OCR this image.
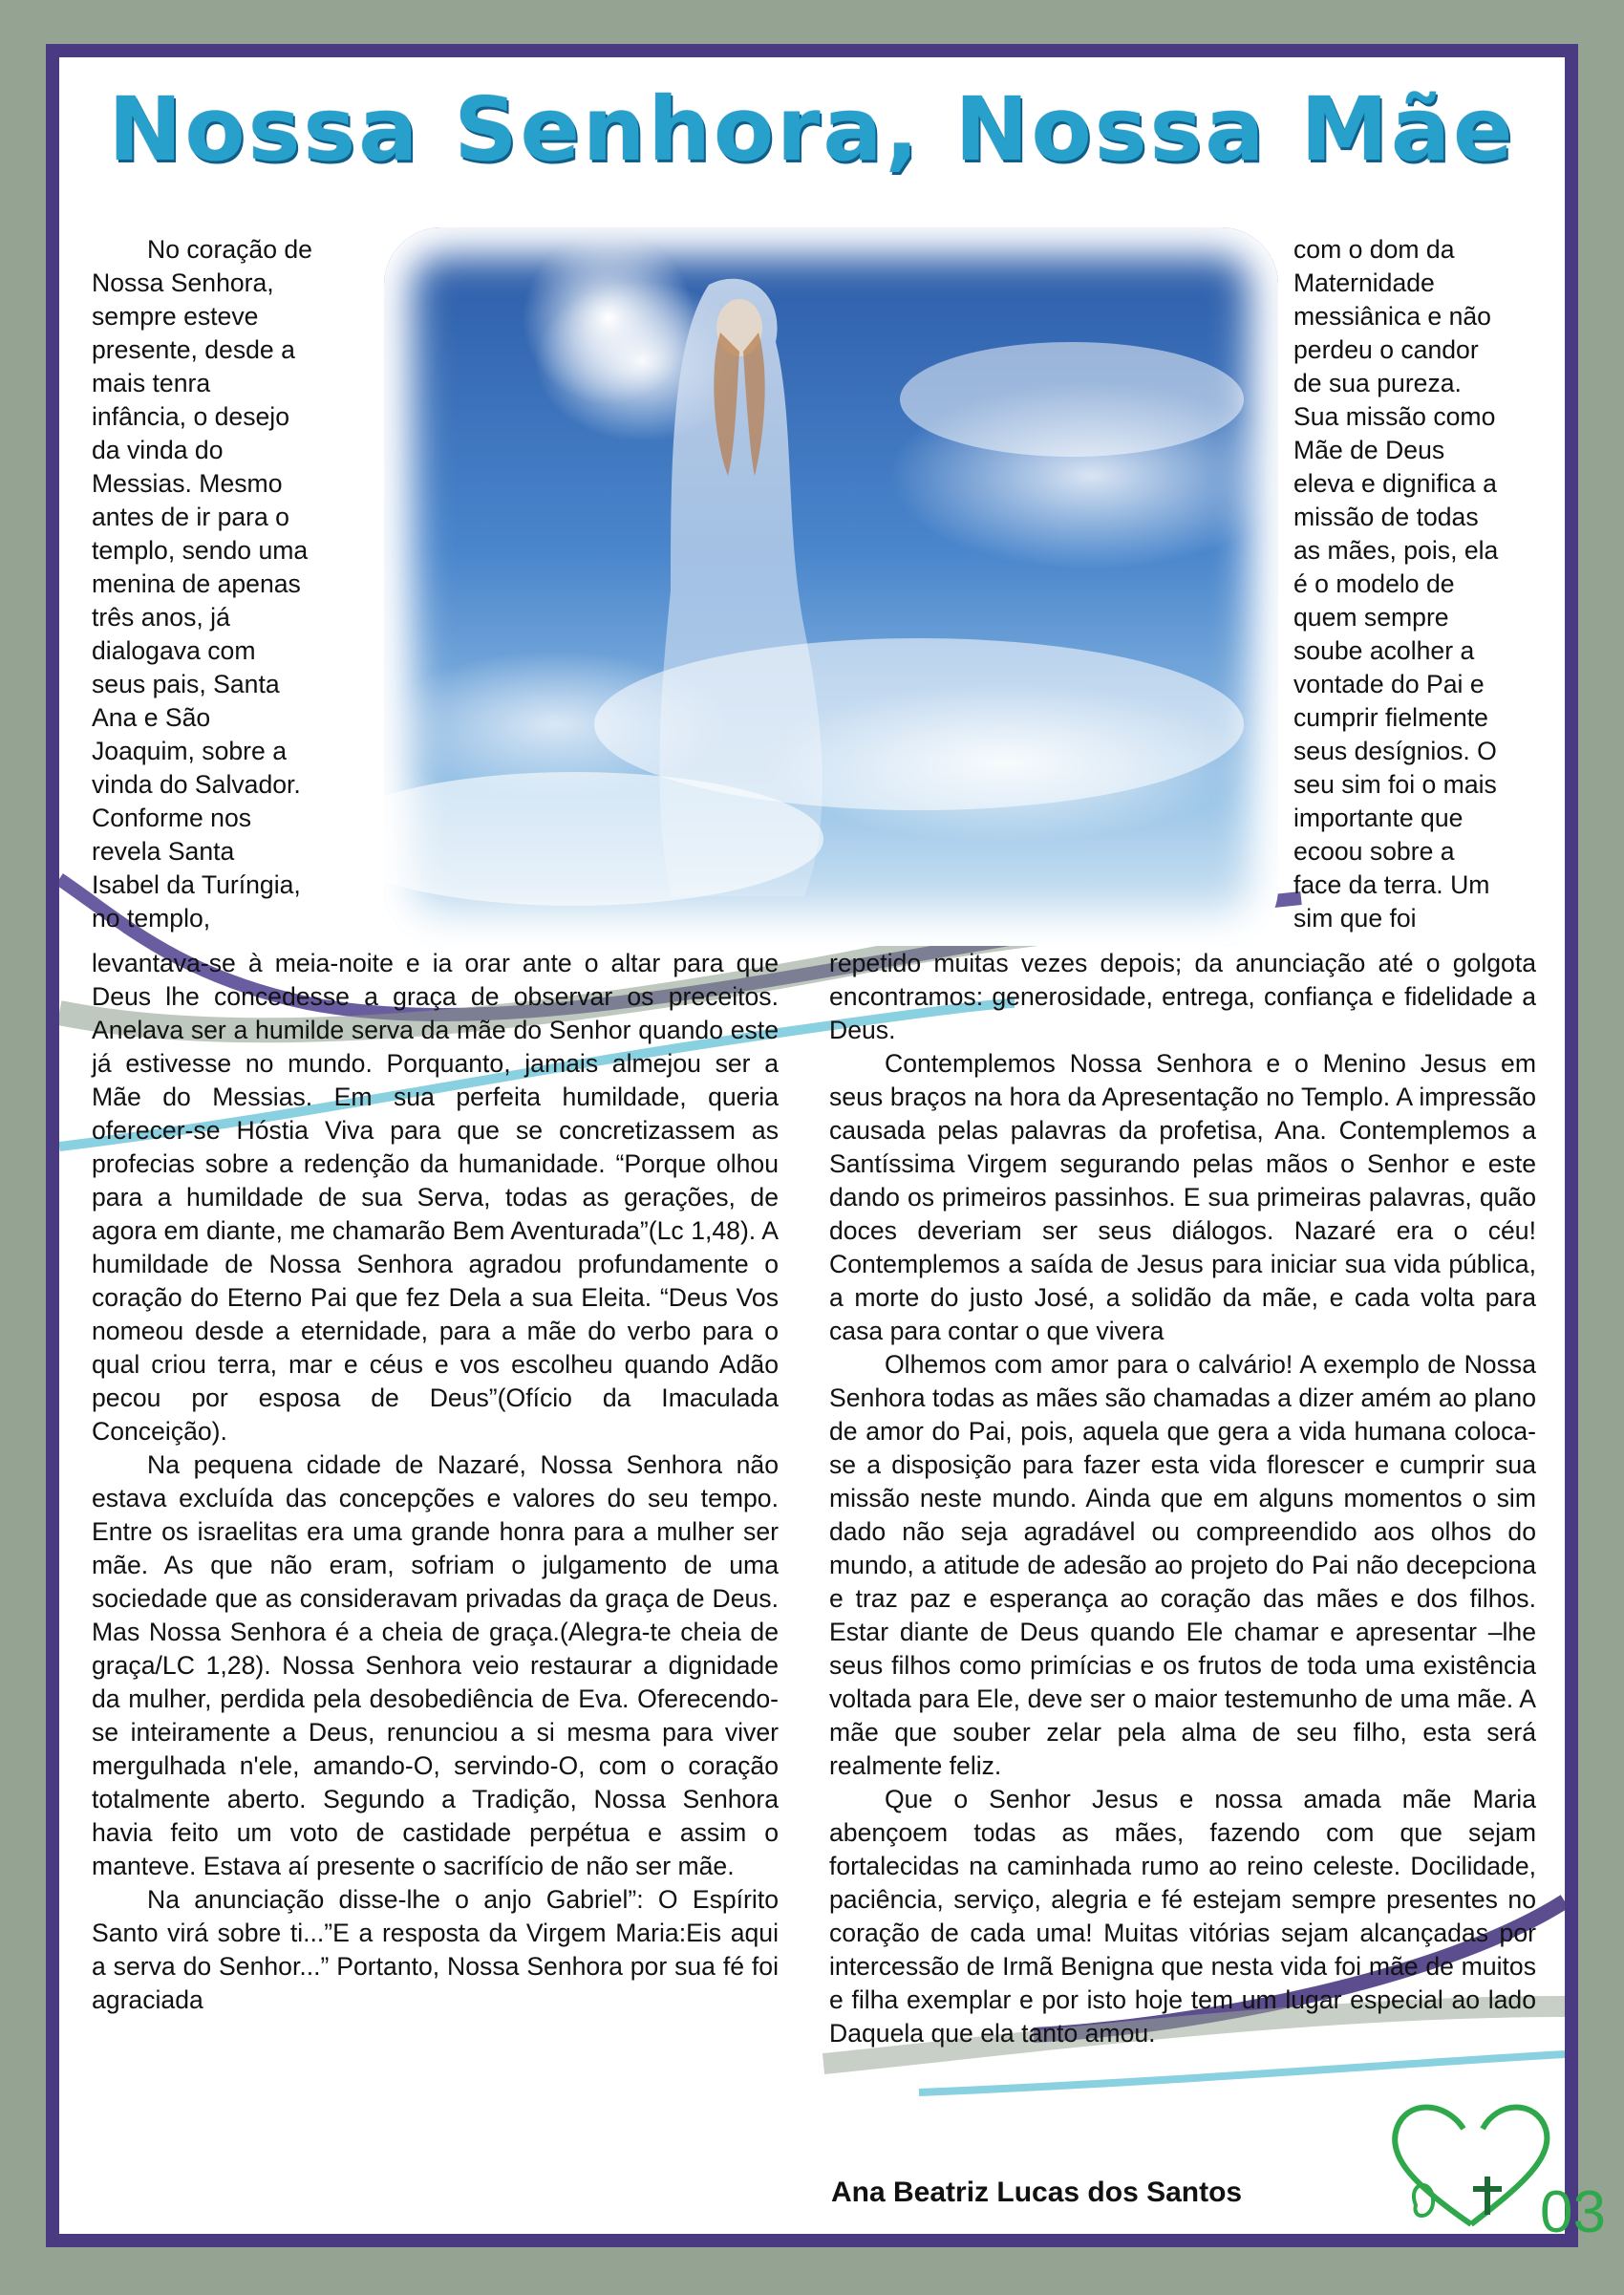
Nossa Senhora, Nossa Mãe

No coração de

Nossa Senhora,

sempre esteve

presente, desde a

mais tenra

infância, o desejo

da vinda do

Messias. Mesmo

antes de ir para o

templo, sendo uma

menina de apenas

três anos, já

dialogava com

seus pais, Santa

Ana e São

Joaquim, sobre a

vinda do Salvador.

Conforme nos

revela Santa

Isabel da Turíngia,

no templo,

com o dom da

Maternidade

messiânica e não

perdeu o candor

de sua pureza.

Sua missão como

Mãe de Deus

eleva e dignifica a

missão de todas

as mães, pois, ela

é o modelo de

quem sempre

soube acolher a

vontade do Pai e

cumprir fielmente

seus desígnios. O

seu sim foi o mais

importante que

ecoou sobre a

face da terra. Um

sim que foi

levantava-se à meia-noite e ia orar ante o altar para que Deus lhe concedesse a graça de observar os preceitos. Anelava ser a humilde serva da mãe do Senhor quando este já estivesse no mundo. Porquanto, jamais almejou ser a Mãe do Messias. Em sua perfeita humildade, queria oferecer-se Hóstia Viva para que se concretizassem as profecias sobre a redenção da humanidade. “Porque olhou para a humildade de sua Serva, todas as gerações, de agora em diante, me chamarão Bem Aventurada”(Lc 1,48). A humildade de Nossa Senhora agradou profundamente o coração do Eterno Pai que fez Dela a sua Eleita. “Deus Vos nomeou desde a eternidade, para a mãe do verbo para o qual criou terra, mar e céus e vos escolheu quando Adão pecou por esposa de Deus”(Ofício da Imaculada Conceição).

Na pequena cidade de Nazaré, Nossa Senhora não estava excluída das concepções e valores do seu tempo. Entre os israelitas era uma grande honra para a mulher ser mãe. As que não eram, sofriam o julgamento de uma sociedade que as consideravam privadas da graça de Deus. Mas Nossa Senhora é a cheia de graça.(Alegra-te cheia de graça/LC 1,28). Nossa Senhora veio restaurar a dignidade da mulher, perdida pela desobediência de Eva. Oferecendo-se inteiramente a Deus, renunciou a si mesma para viver mergulhada n'ele, amando-O, servindo-O, com o coração totalmente aberto. Segundo a Tradição, Nossa Senhora havia feito um voto de castidade perpétua e assim o manteve. Estava aí presente o sacrifício de não ser mãe.

Na anunciação disse-lhe o anjo Gabriel”: O Espírito Santo virá sobre ti...”E a resposta da Virgem Maria:Eis aqui a serva do Senhor...” Portanto, Nossa Senhora por sua fé foi agraciada

repetido muitas vezes depois; da anunciação até o golgota encontramos: generosidade, entrega, confiança e fidelidade a Deus.

Contemplemos Nossa Senhora e o Menino Jesus em seus braços na hora da Apresentação no Templo. A impressão causada pelas palavras da profetisa, Ana. Contemplemos a Santíssima Virgem segurando pelas mãos o Senhor e este dando os primeiros passinhos. E sua primeiras palavras, quão doces deveriam ser seus diálogos. Nazaré era o céu! Contemplemos a saída de Jesus para iniciar sua vida pública, a morte do justo José, a solidão da mãe, e cada volta para casa para contar o que vivera

Olhemos com amor para o calvário! A exemplo de Nossa Senhora todas as mães são chamadas a dizer amém ao plano de amor do Pai, pois, aquela que gera a vida humana coloca-se a disposição para fazer esta vida florescer e cumprir sua missão neste mundo. Ainda que em alguns momentos o sim dado não seja agradável ou compreendido aos olhos do mundo, a atitude de adesão ao projeto do Pai não decepciona e traz paz e esperança ao coração das mães e dos filhos. Estar diante de Deus quando Ele chamar e apresentar –lhe seus filhos como primícias e os frutos de toda uma existência voltada para Ele, deve ser o maior testemunho de uma mãe. A mãe que souber zelar pela alma de seu filho, esta será realmente feliz.

Que o Senhor Jesus e nossa amada mãe Maria abençoem todas as mães, fazendo com que sejam fortalecidas na caminhada rumo ao reino celeste. Docilidade, paciência, serviço, alegria e fé estejam sempre presentes no coração de cada uma! Muitas vitórias sejam alcançadas por intercessão de Irmã Benigna que nesta vida foi mãe de muitos e filha exemplar e por isto hoje tem um lugar especial ao lado Daquela que ela tanto amou.

Ana Beatriz Lucas dos Santos	03
